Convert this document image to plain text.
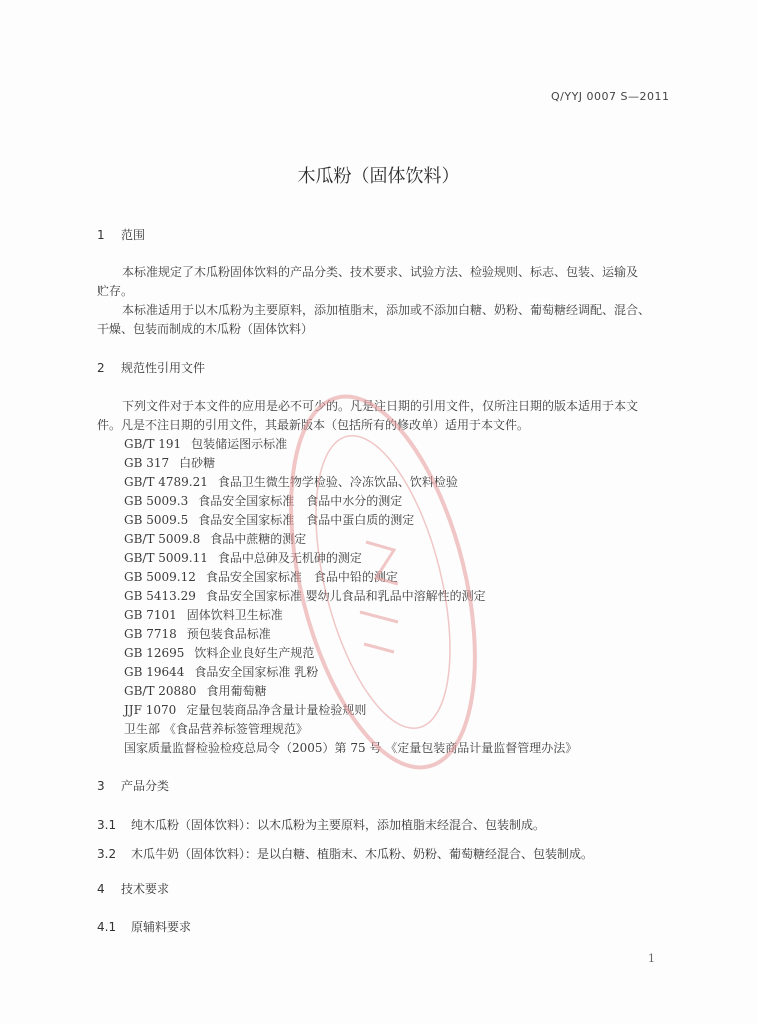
Q/YYJ 0007 S—2011
木瓜粉（固体饮料）
1 范围
本标准规定了木瓜粉固体饮料的产品分类、技术要求、试验方法、检验规则、标志、包装、运输及
贮存。
本标准适用于以木瓜粉为主要原料，添加植脂末，添加或不添加白糖、奶粉、葡萄糖经调配、混合、
干燥、包装而制成的木瓜粉（固体饮料）
2 规范性引用文件
下列文件对于本文件的应用是必不可少的。凡是注日期的引用文件，仅所注日期的版本适用于本文
件。凡是不注日期的引用文件，其最新版本（包括所有的修改单）适用于本文件。
GB/T 191 包装储运图示标准
GB 317 白砂糖
GB/T 4789.21 食品卫生微生物学检验、冷冻饮品、饮料检验
GB 5009.3 食品安全国家标准　食品中水分的测定
GB 5009.5 食品安全国家标准　食品中蛋白质的测定
GB/T 5009.8 食品中蔗糖的测定
GB/T 5009.11 食品中总砷及无机砷的测定
GB 5009.12 食品安全国家标准　食品中铅的测定
GB 5413.29 食品安全国家标准 婴幼儿食品和乳品中溶解性的测定
GB 7101 固体饮料卫生标准
GB 7718 预包装食品标准
GB 12695 饮料企业良好生产规范
GB 19644 食品安全国家标准 乳粉
GB/T 20880 食用葡萄糖
JJF 1070 定量包装商品净含量计量检验规则
卫生部 《食品营养标签管理规范》
国家质量监督检验检疫总局令（2005）第 75 号 《定量包装商品计量监督管理办法》
3 产品分类
3.1 纯木瓜粉（固体饮料）：以木瓜粉为主要原料，添加植脂末经混合、包装制成。
3.2 木瓜牛奶（固体饮料）：是以白糖、植脂末、木瓜粉、奶粉、葡萄糖经混合、包装制成。
4 技术要求
4.1 原辅料要求
1
